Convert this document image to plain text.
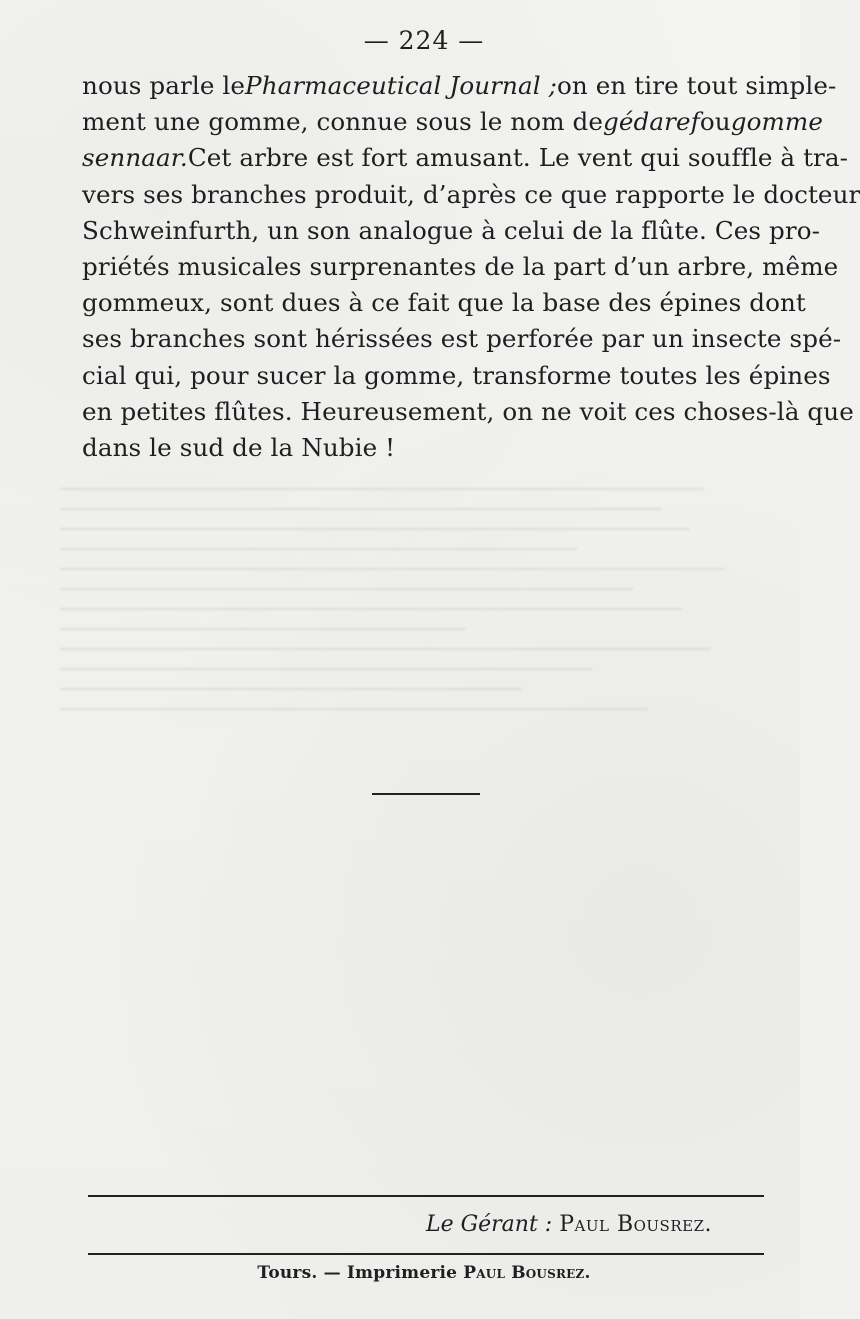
— 224 —
nous parle le Pharmaceutical Journal ; on en tire tout simple-
ment une gomme, connue sous le nom de gédaref ou gomme
sennaar. Cet arbre est fort amusant. Le vent qui souffle à tra-
vers ses branches produit, d’après ce que rapporte le docteur
Schweinfurth, un son analogue à celui de la flûte. Ces pro-
priétés musicales surprenantes de la part d’un arbre, même
gommeux, sont dues à ce fait que la base des épines dont
ses branches sont hérissées est perforée par un insecte spé-
cial qui, pour sucer la gomme, transforme toutes les épines
en petites flûtes. Heureusement, on ne voit ces choses-là que
dans le sud de la Nubie !
Le Gérant : Paul Bousrez.
Tours. — Imprimerie Paul Bousrez.
